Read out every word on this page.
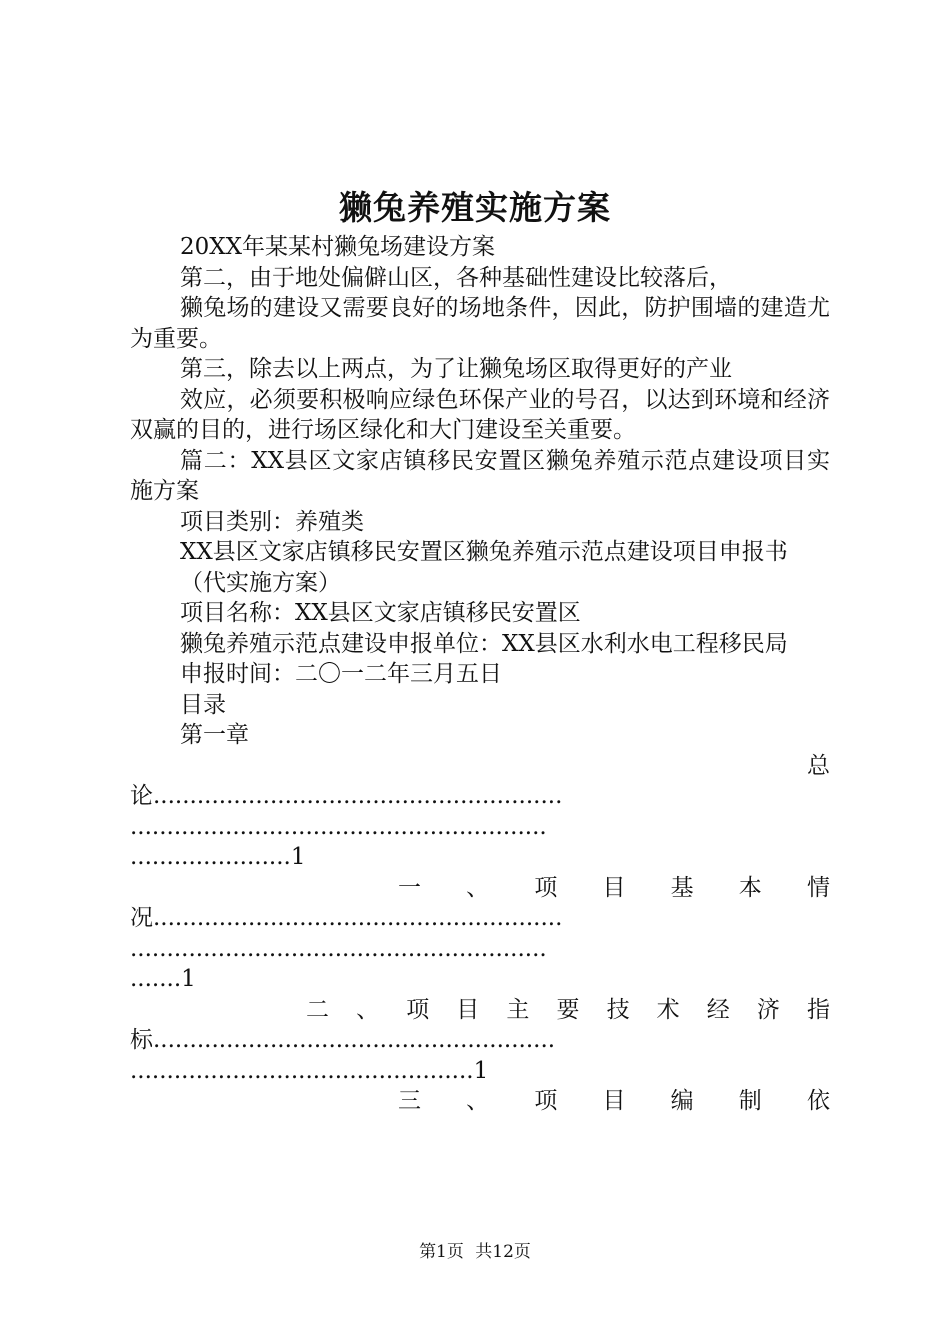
獭兔养殖实施方案

20XX年某某村獭兔场建设方案

第二，由于地处偏僻山区，各种基础性建设比较落后，

獭兔场的建设又需要良好的场地条件，因此，防护围墙的建造尤为重要。

第三，除去以上两点，为了让獭兔场区取得更好的产业

效应，必须要积极响应绿色环保产业的号召，以达到环境和经济双赢的目的，进行场区绿化和大门建设至关重要。

篇二：XX县区文家店镇移民安置区獭兔养殖示范点建设项目实施方案

项目类别：养殖类

XX县区文家店镇移民安置区獭兔养殖示范点建设项目申报书

（代实施方案）

项目名称：XX县区文家店镇移民安置区

獭兔养殖示范点建设申报单位：XX县区水利水电工程移民局

申报时间：二〇一二年三月五日

目录

第一章

总
论........................................................
.........................................................
......................1
一 、 项 目 基 本 情
况........................................................
.........................................................
.......1
二 、 项 目 主 要 技 术 经 济 指
标.......................................................
...............................................1
三 、 项 目 编 制 依
第1页 共12页
